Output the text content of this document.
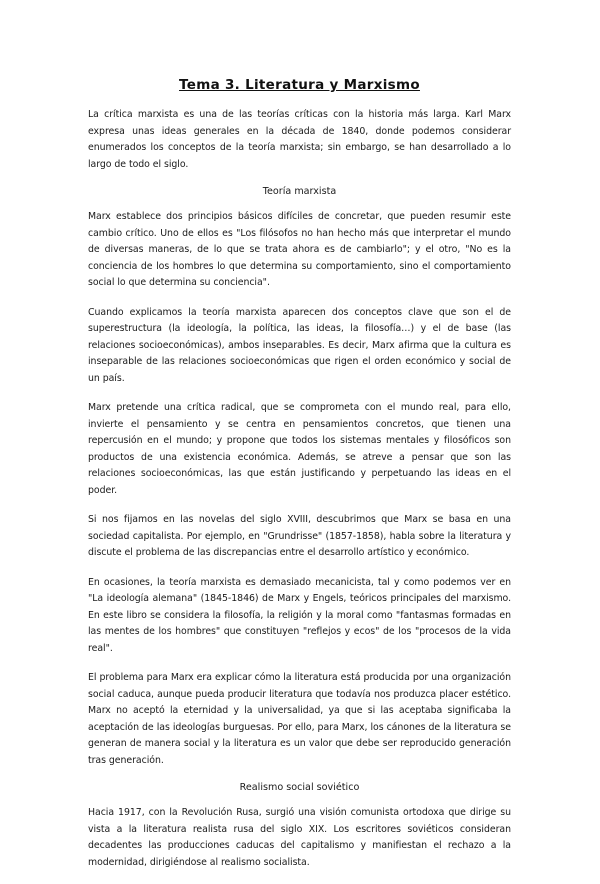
Tema 3. Literatura y Marxismo

La crítica marxista es una de las teorías críticas con la historia más larga. Karl Marx expresa unas ideas generales en la década de 1840, donde podemos considerar enumerados los conceptos de la teoría marxista; sin embargo, se han desarrollado a lo largo de todo el siglo.

Teoría marxista

Marx establece dos principios básicos difíciles de concretar, que pueden resumir este cambio crítico. Uno de ellos es "Los filósofos no han hecho más que interpretar el mundo de diversas maneras, de lo que se trata ahora es de cambiarlo"; y el otro, "No es la conciencia de los hombres lo que determina su comportamiento, sino el comportamiento social lo que determina su conciencia".

Cuando explicamos la teoría marxista aparecen dos conceptos clave que son el de superestructura (la ideología, la política, las ideas, la filosofía…) y el de base (las relaciones socioeconómicas), ambos inseparables. Es decir, Marx afirma que la cultura es inseparable de las relaciones socioeconómicas que rigen el orden económico y social de un país.

Marx pretende una crítica radical, que se comprometa con el mundo real, para ello, invierte el pensamiento y se centra en pensamientos concretos, que tienen una repercusión en el mundo; y propone que todos los sistemas mentales y filosóficos son productos de una existencia económica. Además, se atreve a pensar que son las relaciones socioeconómicas, las que están justificando y perpetuando las ideas en el poder.

Si nos fijamos en las novelas del siglo XVIII, descubrimos que Marx se basa en una sociedad capitalista. Por ejemplo, en "Grundrisse" (1857-1858), habla sobre la literatura y discute el problema de las discrepancias entre el desarrollo artístico y económico.

En ocasiones, la teoría marxista es demasiado mecanicista, tal y como podemos ver en "La ideología alemana" (1845-1846) de Marx y Engels, teóricos principales del marxismo. En este libro se considera la filosofía, la religión y la moral como "fantasmas formadas en las mentes de los hombres" que constituyen "reflejos y ecos" de los "procesos de la vida real".

El problema para Marx era explicar cómo la literatura está producida por una organización social caduca, aunque pueda producir literatura que todavía nos produzca placer estético. Marx no aceptó la eternidad y la universalidad, ya que si las aceptaba significaba la aceptación de las ideologías burguesas. Por ello, para Marx, los cánones de la literatura se generan de manera social y la literatura es un valor que debe ser reproducido generación tras generación.

Realismo social soviético

Hacia 1917, con la Revolución Rusa, surgió una visión comunista ortodoxa que dirige su vista a la literatura realista rusa del siglo XIX. Los escritores soviéticos consideran decadentes las producciones caducas del capitalismo y manifiestan el rechazo a la modernidad, dirigiéndose al realismo socialista.
